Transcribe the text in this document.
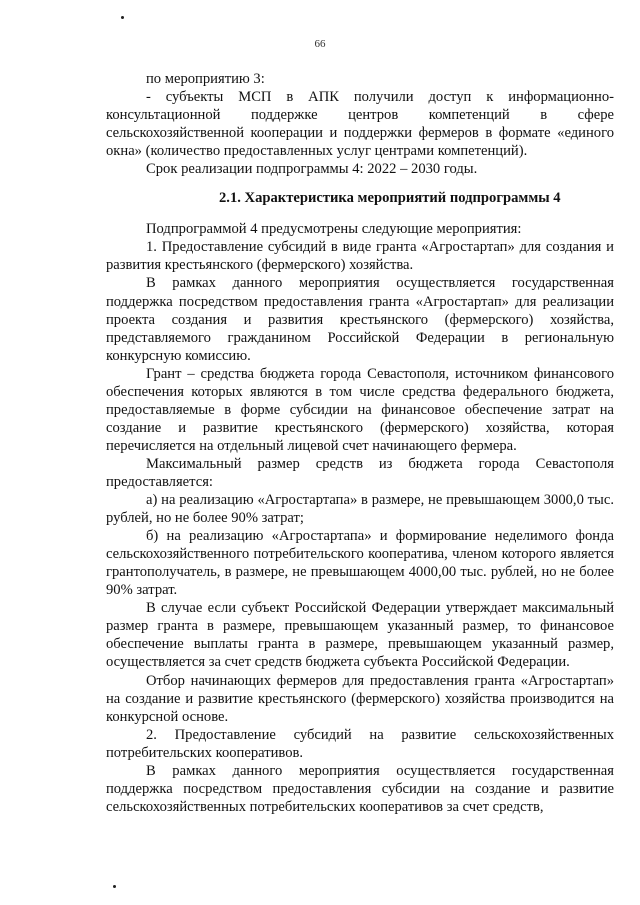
66

по мероприятию 3:

- субъекты МСП в АПК получили доступ к информационно-консультационной поддержке центров компетенций в сфере сельскохозяйственной кооперации и поддержки фермеров в формате «единого окна» (количество предоставленных услуг центрами компетенций).

Срок реализации подпрограммы 4: 2022 – 2030 годы.

2.1. Характеристика мероприятий подпрограммы 4

Подпрограммой 4 предусмотрены следующие мероприятия:

1. Предоставление субсидий в виде гранта «Агростартап» для создания и развития крестьянского (фермерского) хозяйства.

В рамках данного мероприятия осуществляется государственная поддержка посредством предоставления гранта «Агростартап» для реализации проекта создания и развития крестьянского (фермерского) хозяйства, представляемого гражданином Российской Федерации в региональную конкурсную комиссию.

Грант – средства бюджета города Севастополя, источником финансового обеспечения которых являются в том числе средства федерального бюджета, предоставляемые в форме субсидии на финансовое обеспечение затрат на создание и развитие крестьянского (фермерского) хозяйства, которая перечисляется на отдельный лицевой счет начинающего фермера.

Максимальный размер средств из бюджета города Севастополя предоставляется:

а) на реализацию «Агростартапа» в размере, не превышающем 3000,0 тыс. рублей, но не более 90% затрат;

б) на реализацию «Агростартапа» и формирование неделимого фонда сельскохозяйственного потребительского кооператива, членом которого является грантополучатель, в размере, не превышающем 4000,00 тыс. рублей, но не более 90% затрат.

В случае если субъект Российской Федерации утверждает максимальный размер гранта в размере, превышающем указанный размер, то финансовое обеспечение выплаты гранта в размере, превышающем указанный размер, осуществляется за счет средств бюджета субъекта Российской Федерации.

Отбор начинающих фермеров для предоставления гранта «Агростартап» на создание и развитие крестьянского (фермерского) хозяйства производится на конкурсной основе.

2. Предоставление субсидий на развитие сельскохозяйственных потребительских кооперативов.

В рамках данного мероприятия осуществляется государственная поддержка посредством предоставления субсидии на создание и развитие сельскохозяйственных потребительских кооперативов за счет средств,
